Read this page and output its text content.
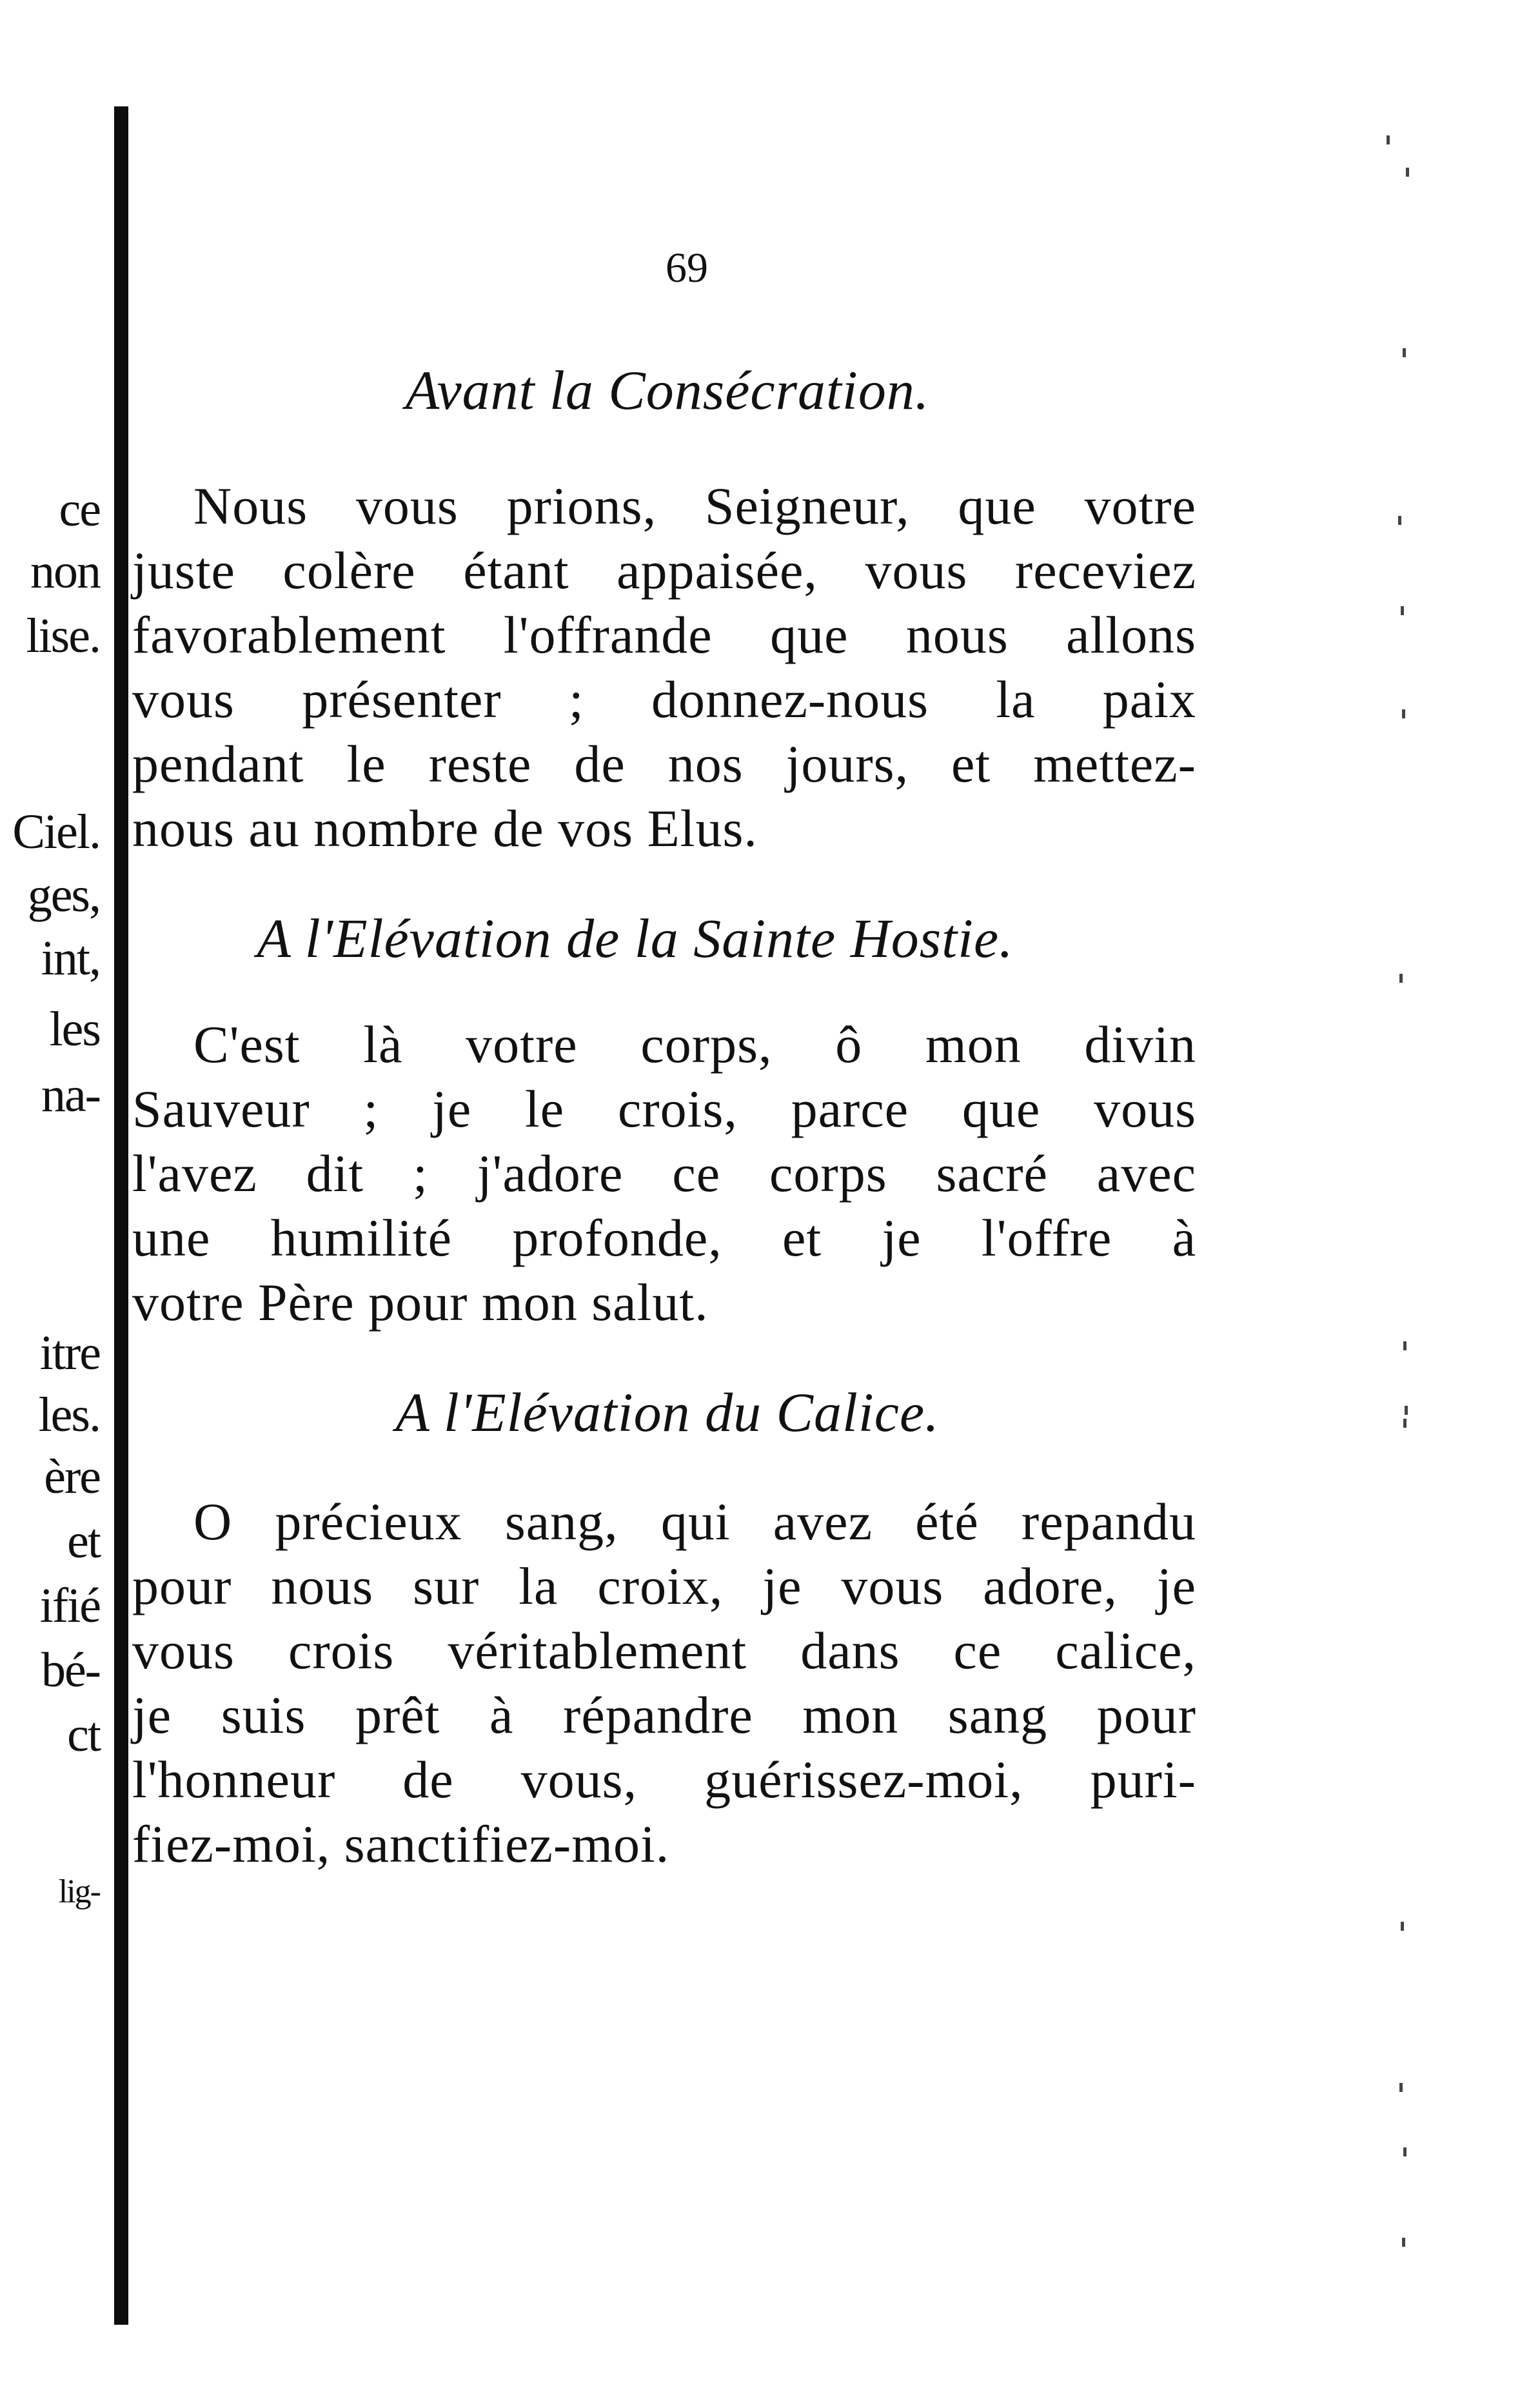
ce
non
lise.
Ciel.
ges,
int,
les
na-
itre
les.
ère
et
ifié
bé-
ct
lig-
69
Avant la Consécration.
Nous vous prions, Seigneur, que votre
juste colère étant appaisée, vous receviez
favorablement l'offrande que nous allons
vous présenter ; donnez-nous la paix
pendant le reste de nos jours, et mettez-
nous au nombre de vos Elus.
A l'Elévation de la Sainte Hostie.
C'est là votre corps, ô mon divin
Sauveur ; je le crois, parce que vous
l'avez dit ; j'adore ce corps sacré avec
une humilité profonde, et je l'offre à
votre Père pour mon salut.
A l'Elévation du Calice.
O précieux sang, qui avez été repandu
pour nous sur la croix, je vous adore, je
vous crois véritablement dans ce calice,
je suis prêt à répandre mon sang pour
l'honneur de vous, guérissez-moi, puri-
fiez-moi, sanctifiez-moi.
